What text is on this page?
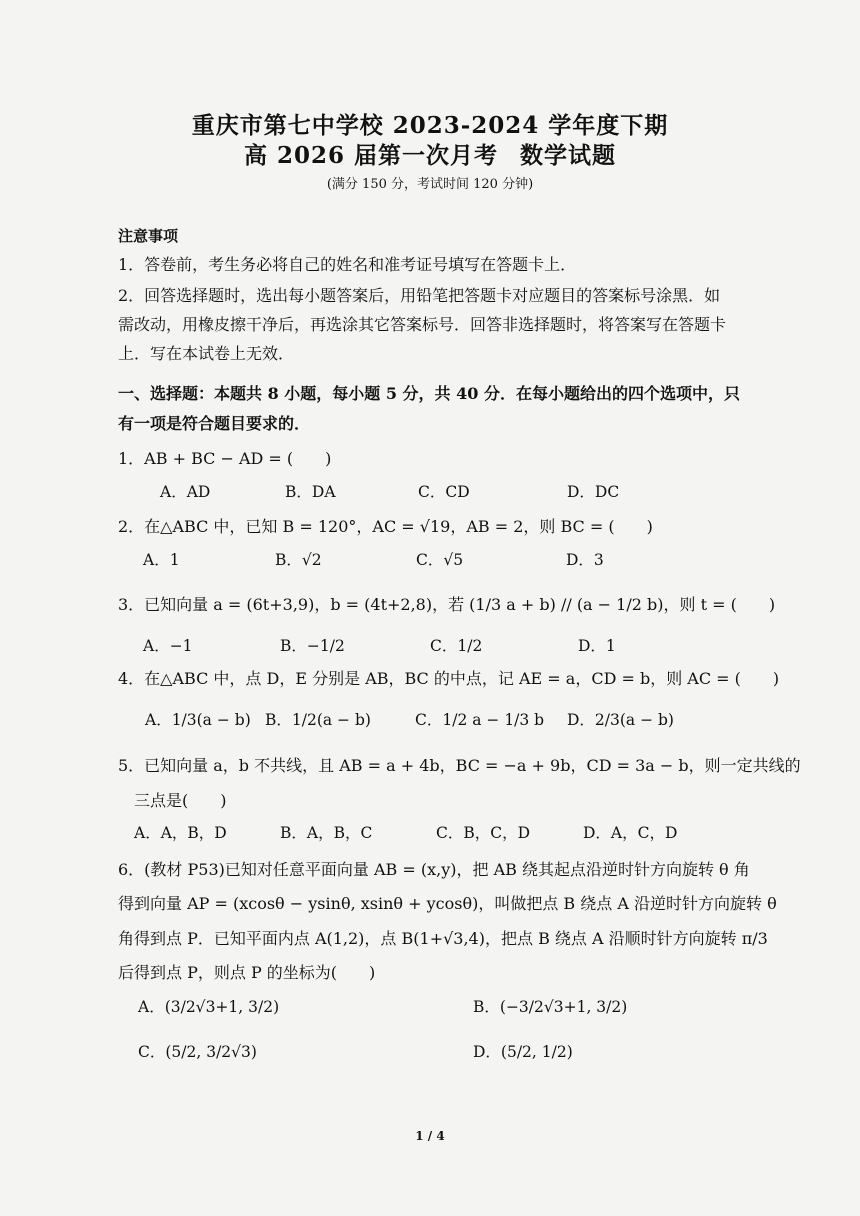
重庆市第七中学校 2023-2024 学年度下期
高 2026 届第一次月考 数学试题
(满分 150 分，考试时间 120 分钟)
注意事项
1．答卷前，考生务必将自己的姓名和准考证号填写在答题卡上．
2．回答选择题时，选出每小题答案后，用铅笔把答题卡对应题目的答案标号涂黑．如
需改动，用橡皮擦干净后，再选涂其它答案标号．回答非选择题时，将答案写在答题卡
上．写在本试卷上无效．
一、选择题：本题共 8 小题，每小题 5 分，共 40 分．在每小题给出的四个选项中，只
有一项是符合题目要求的．
1．AB + BC − AD = (　　)
A．AD	B．DA	C．CD	D．DC
2．在△ABC 中，已知 B = 120°，AC = √19，AB = 2，则 BC = (　　)
A．1	B．√2	C．√5	D．3
3．已知向量 a = (6t+3,9)，b = (4t+2,8)，若 (1/3 a + b) // (a − 1/2 b)，则 t = (　　)
A．−1	B．−1/2	C．1/2	D．1
4．在△ABC 中，点 D，E 分别是 AB，BC 的中点，记 AE = a，CD = b，则 AC = (　　)
A．1/3(a − b) B．1/2(a − b)	C．1/2 a − 1/3 b D．2/3(a − b)
5．已知向量 a，b 不共线，且 AB = a + 4b，BC = −a + 9b，CD = 3a − b，则一定共线的
三点是(　　)
A．A，B，D	B．A，B，C	C．B，C，D	D．A，C，D
6．(教材 P53)已知对任意平面向量 AB = (x,y)，把 AB 绕其起点沿逆时针方向旋转 θ 角
得到向量 AP = (xcosθ − ysinθ, xsinθ + ycosθ)，叫做把点 B 绕点 A 沿逆时针方向旋转 θ
角得到点 P．已知平面内点 A(1,2)，点 B(1+√3,4)，把点 B 绕点 A 沿顺时针方向旋转 π/3
后得到点 P，则点 P 的坐标为(　　)
A．(3/2√3+1, 3/2)	B．(−3/2√3+1, 3/2)
C．(5/2, 3/2√3)	D．(5/2, 1/2)
1 / 4
